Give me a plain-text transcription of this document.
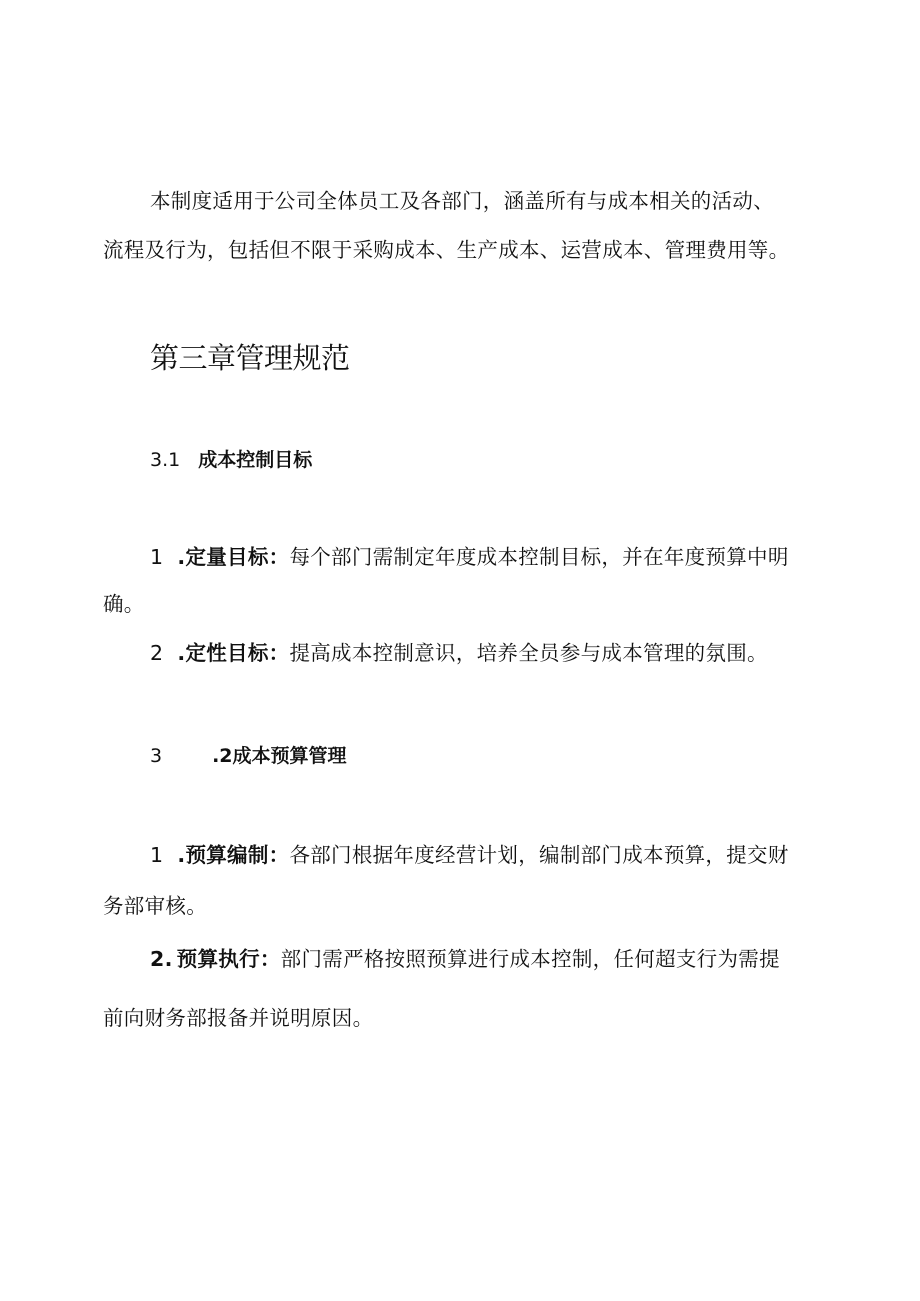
本制度适用于公司全体员工及各部门，涵盖所有与成本相关的活动、
流程及行为，包括但不限于采购成本、生产成本、运营成本、管理费用等。
第三章管理规范
3.1 成本控制目标
1 .定量目标：每个部门需制定年度成本控制目标，并在年度预算中明
确。
2 .定性目标：提高成本控制意识，培养全员参与成本管理的氛围。
3	.2成本预算管理
1 .预算编制：各部门根据年度经营计划，编制部门成本预算，提交财
务部审核。
2. 预算执行：部门需严格按照预算进行成本控制，任何超支行为需提
前向财务部报备并说明原因。
